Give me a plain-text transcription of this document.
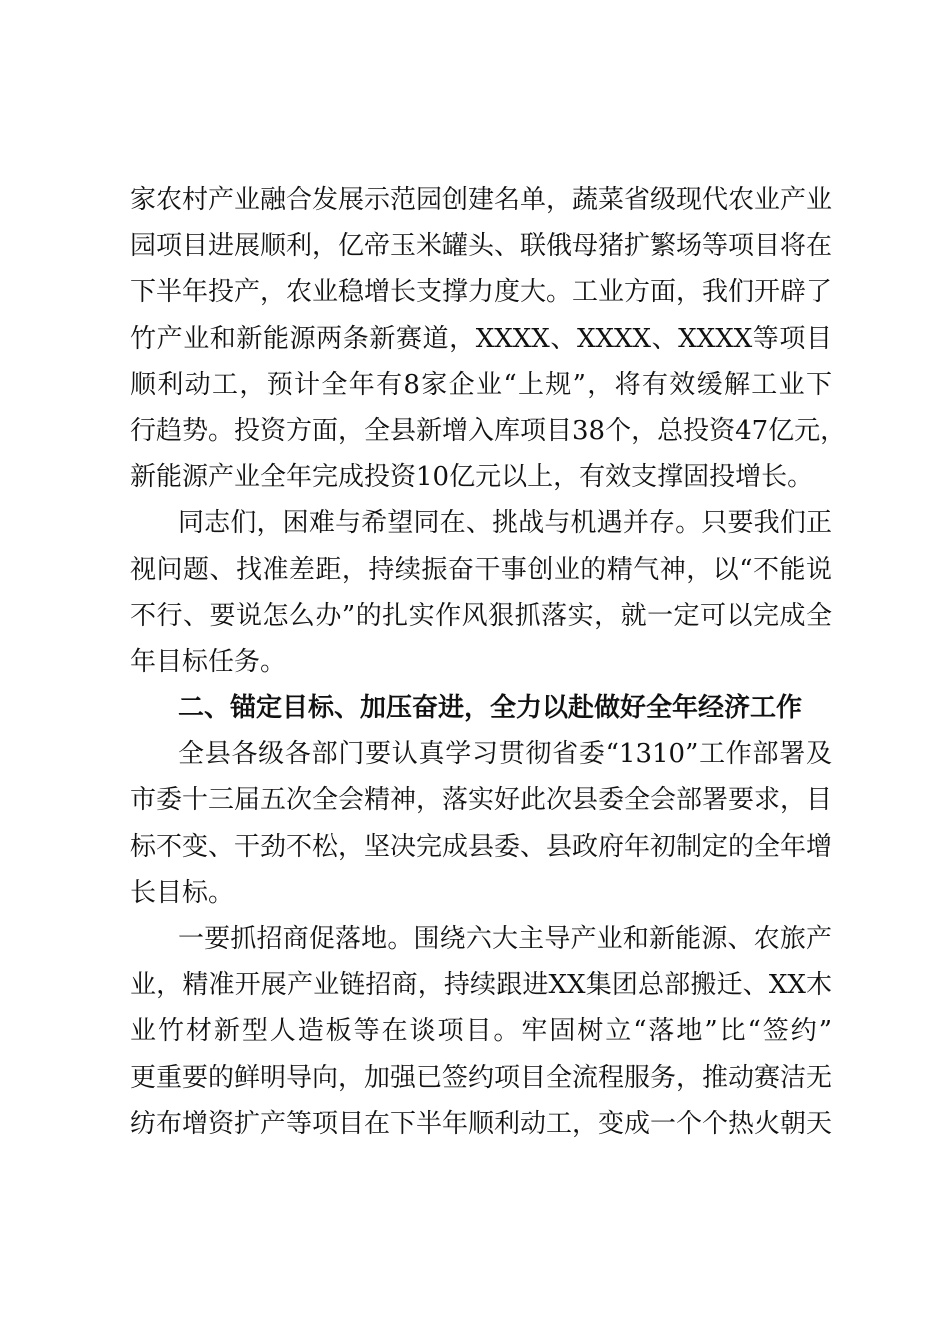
家农村产业融合发展示范园创建名单，蔬菜省级现代农业产业
园项目进展顺利，亿帝玉米罐头、联俄母猪扩繁场等项目将在
下半年投产，农业稳增长支撑力度大。工业方面，我们开辟了
竹产业和新能源两条新赛道，XXXX、XXXX、XXXX等项目
顺利动工，预计全年有8家企业“上规”，将有效缓解工业下
行趋势。投资方面，全县新增入库项目38个，总投资47亿元，
新能源产业全年完成投资10亿元以上，有效支撑固投增长。
同志们，困难与希望同在、挑战与机遇并存。只要我们正
视问题、找准差距，持续振奋干事创业的精气神，以“不能说
不行、要说怎么办”的扎实作风狠抓落实，就一定可以完成全
年目标任务。
二、锚定目标、加压奋进，全力以赴做好全年经济工作
全县各级各部门要认真学习贯彻省委“1310”工作部署及
市委十三届五次全会精神，落实好此次县委全会部署要求，目
标不变、干劲不松，坚决完成县委、县政府年初制定的全年增
长目标。
一要抓招商促落地。围绕六大主导产业和新能源、农旅产
业，精准开展产业链招商，持续跟进XX集团总部搬迁、XX木
业竹材新型人造板等在谈项目。牢固树立“落地”比“签约”
更重要的鲜明导向，加强已签约项目全流程服务，推动赛洁无
纺布增资扩产等项目在下半年顺利动工，变成一个个热火朝天
